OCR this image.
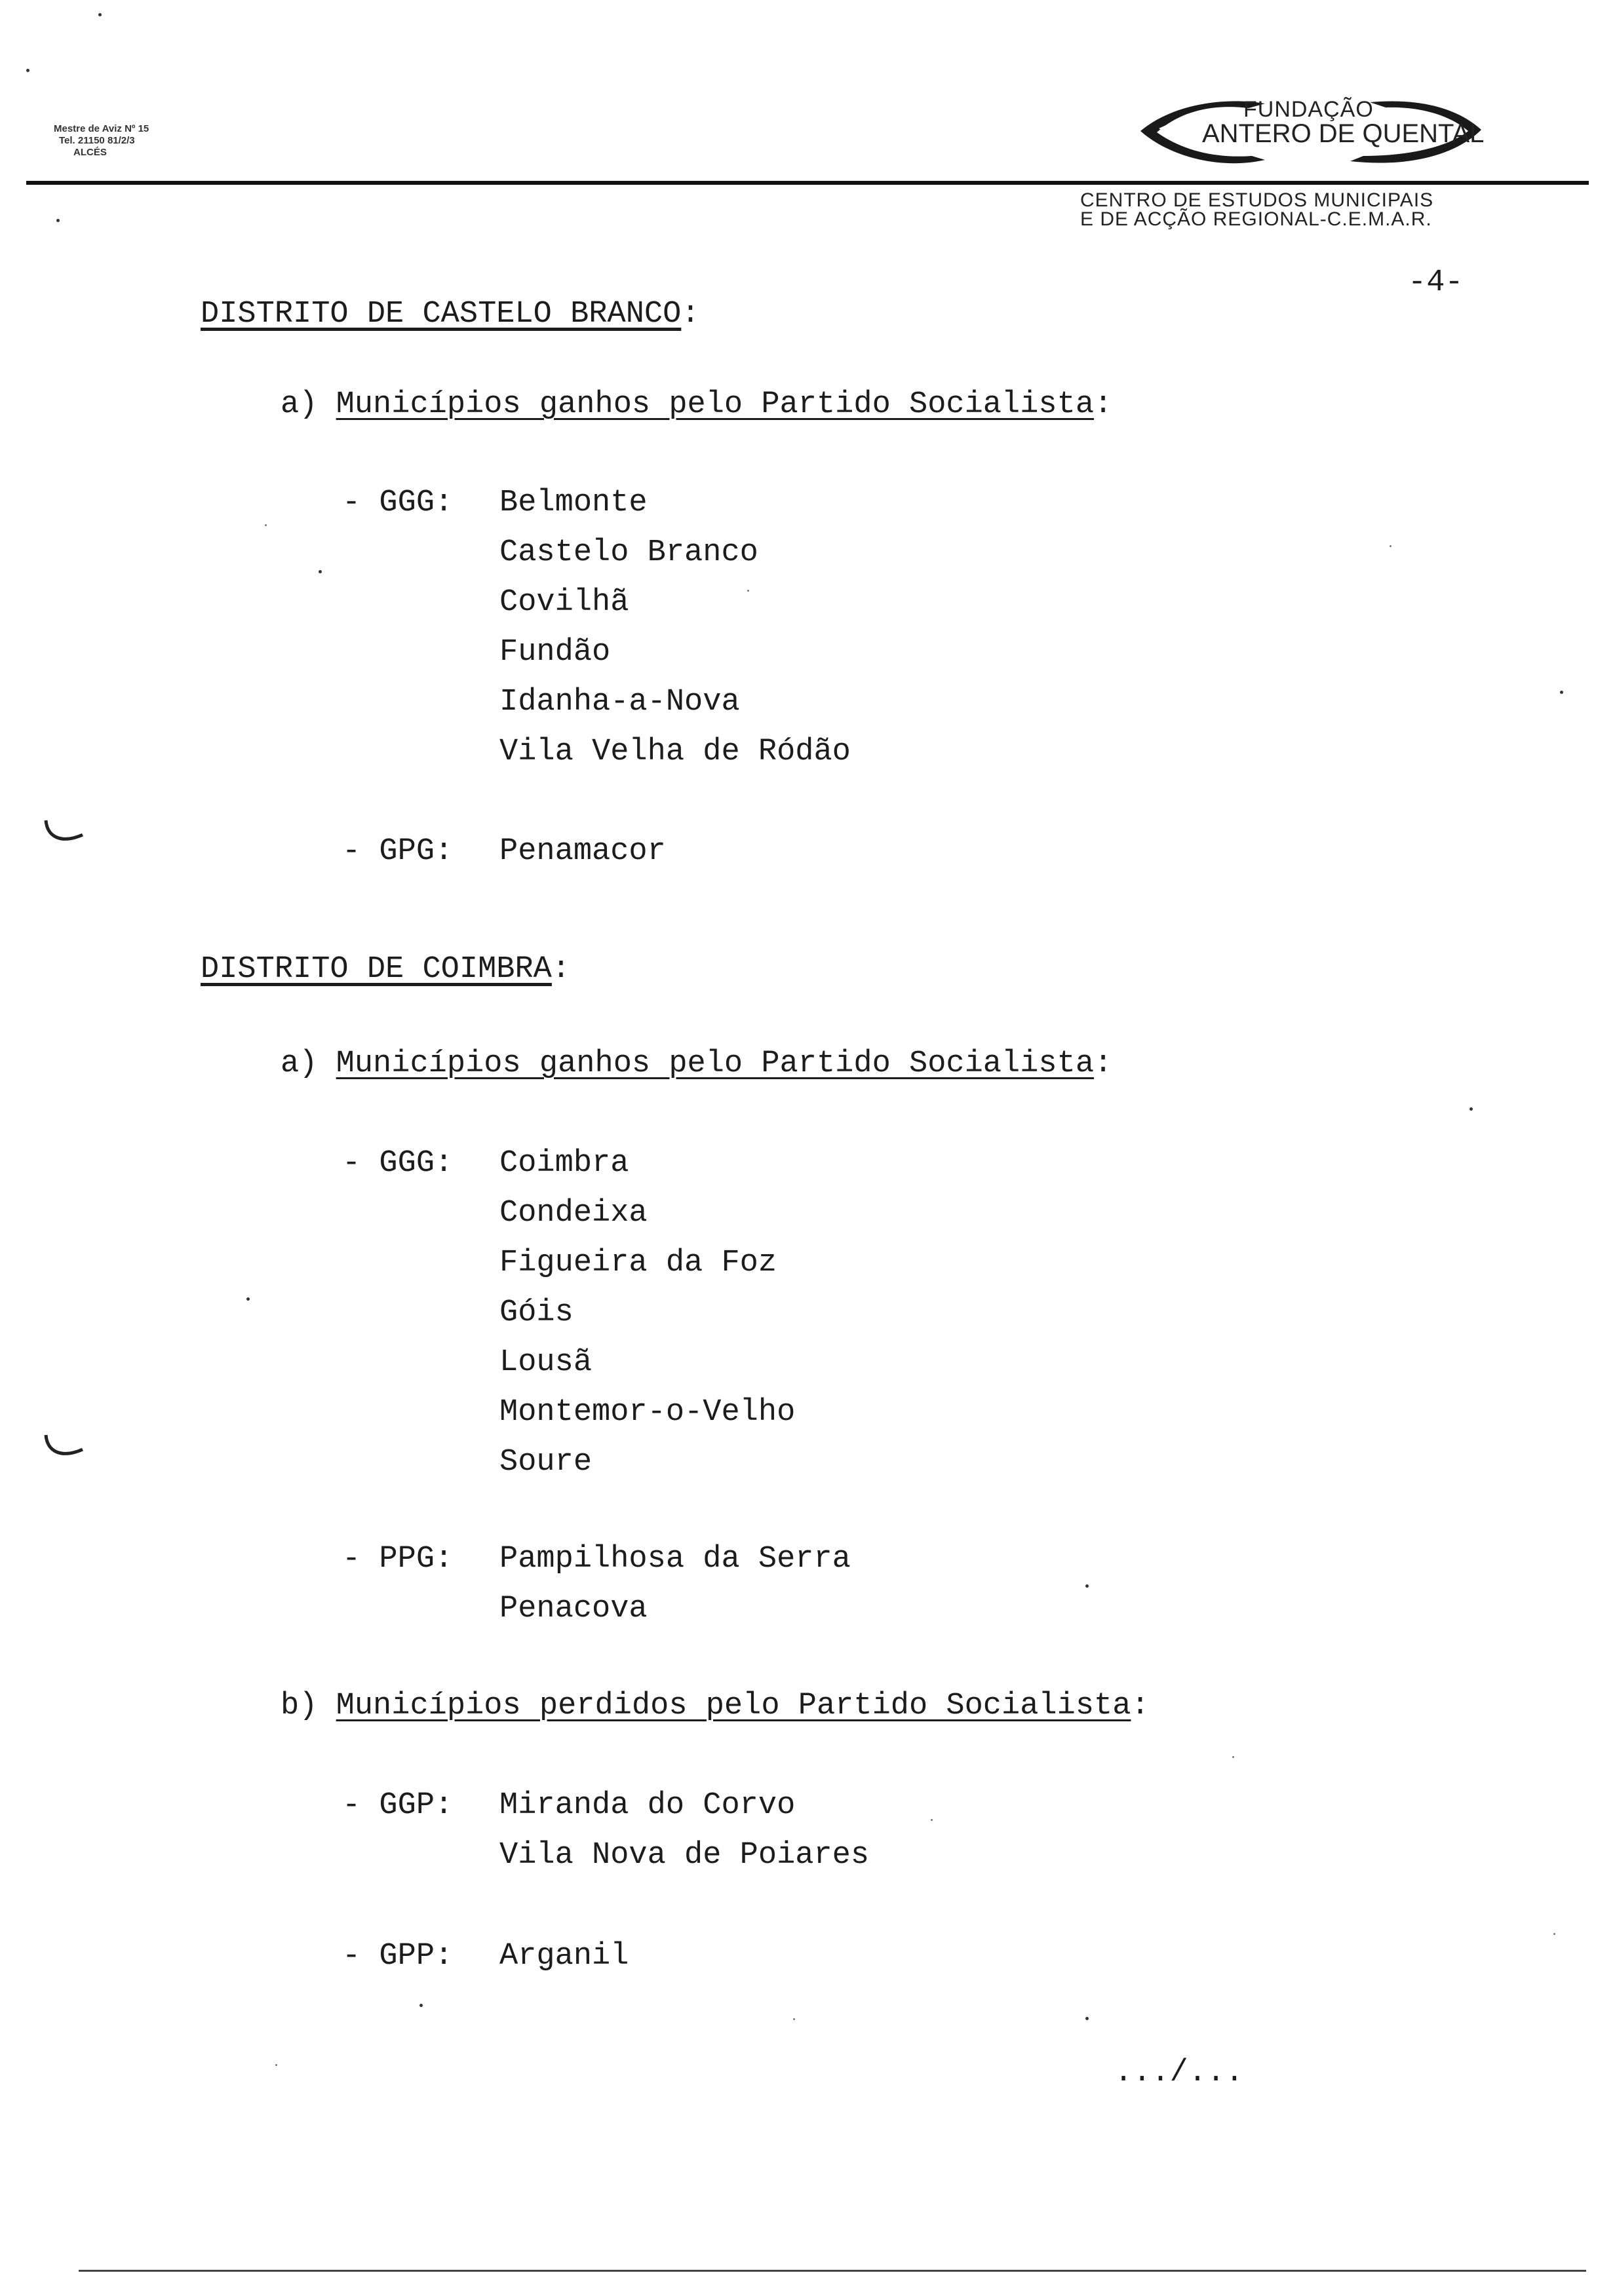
Mestre de Aviz Nº 15
Tel. 21150 81/2/3
ALCÉS
FUNDAÇÃO
ANTERO DE QUENTAL
CENTRO DE ESTUDOS MUNICIPAIS
E DE ACÇÃO REGIONAL-C.E.M.A.R.
-4-
DISTRITO DE CASTELO BRANCO:
a) Municípios ganhos pelo Partido Socialista:
- GGG: Belmonte
Castelo Branco
Covilhã
Fundão
Idanha-a-Nova
Vila Velha de Ródão
- GPG: Penamacor
DISTRITO DE COIMBRA:
a) Municípios ganhos pelo Partido Socialista:
- GGG: Coimbra
Condeixa
Figueira da Foz
Góis
Lousã
Montemor-o-Velho
Soure
- PPG: Pampilhosa da Serra
Penacova
b) Municípios perdidos pelo Partido Socialista:
- GGP: Miranda do Corvo
Vila Nova de Poiares
- GPP: Arganil
.../...
